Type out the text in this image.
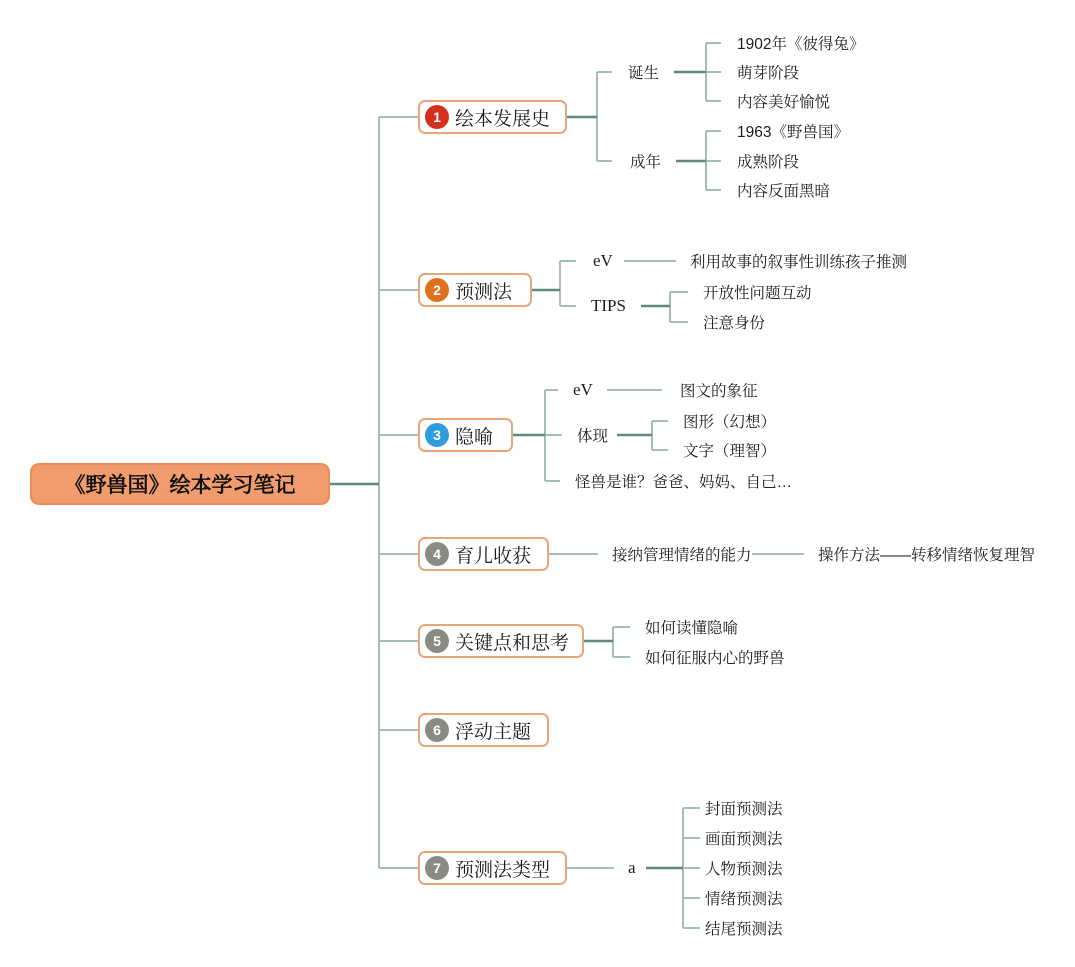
《野兽国》绘本学习笔记
1 绘本发展史
2 预测法
3 隐喻
4 育儿收获
5 关键点和思考
6 浮动主题
7 预测法类型
诞生
成年
1902年《彼得兔》
萌芽阶段
内容美好愉悦
1963《野兽国》
成熟阶段
内容反面黑暗
eV
TIPS
利用故事的叙事性训练孩子推测
开放性问题互动
注意身份
eV
体现
怪兽是谁？爸爸、妈妈、自己…
图文的象征
图形（幻想）
文字（理智）
接纳管理情绪的能力	操作方法——转移情绪恢复理智
如何读懂隐喻
如何征服内心的野兽
a
封面预测法
画面预测法
人物预测法
情绪预测法
结尾预测法
